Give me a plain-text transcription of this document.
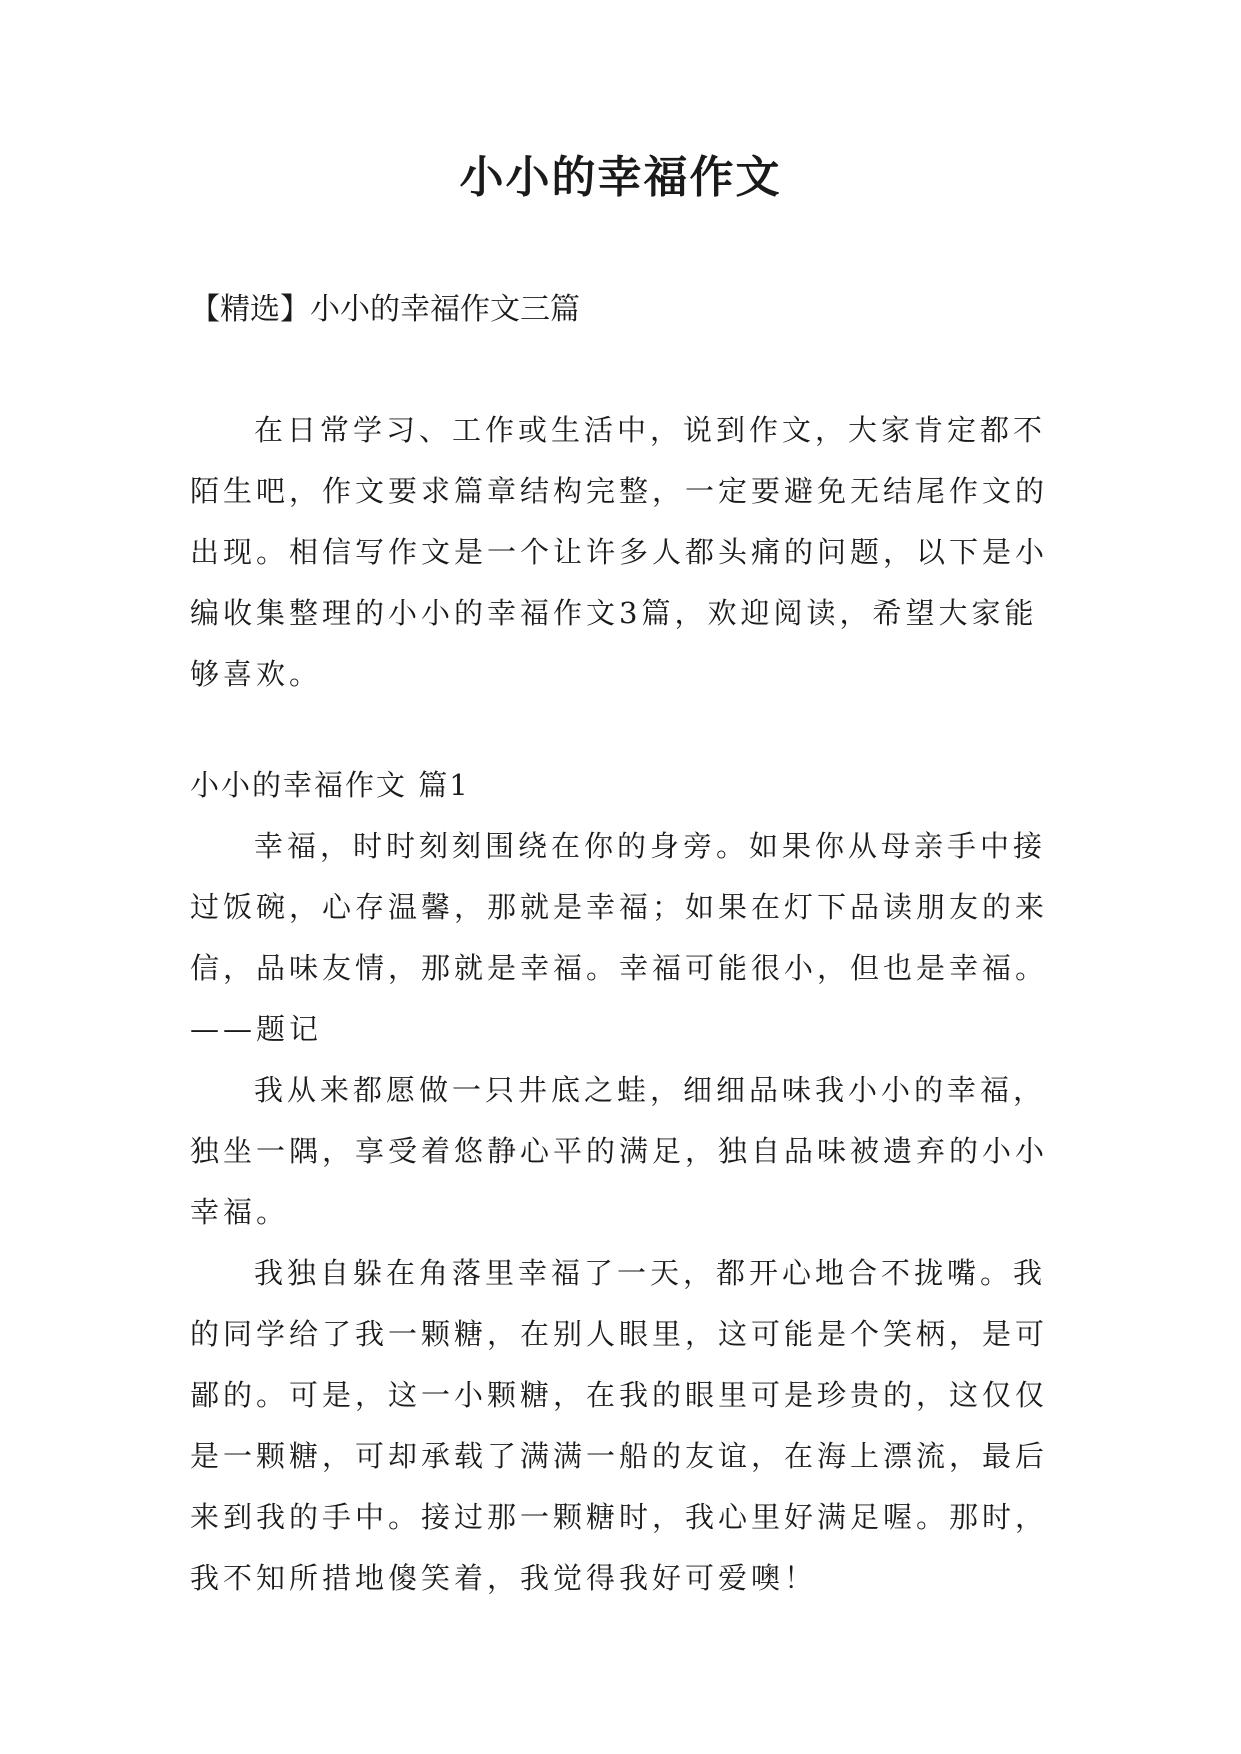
小小的幸福作文

【精选】小小的幸福作文三篇

在日常学习、工作或生活中，说到作文，大家肯定都不陌生吧，作文要求篇章结构完整，一定要避免无结尾作文的出现。相信写作文是一个让许多人都头痛的问题，以下是小编收集整理的小小的幸福作文3篇，欢迎阅读，希望大家能够喜欢。

小小的幸福作文 篇1

幸福，时时刻刻围绕在你的身旁。如果你从母亲手中接过饭碗，心存温馨，那就是幸福；如果在灯下品读朋友的来信，品味友情，那就是幸福。幸福可能很小，但也是幸福。

——题记

我从来都愿做一只井底之蛙，细细品味我小小的幸福，独坐一隅，享受着悠静心平的满足，独自品味被遗弃的小小幸福。

我独自躲在角落里幸福了一天，都开心地合不拢嘴。我的同学给了我一颗糖，在别人眼里，这可能是个笑柄，是可鄙的。可是，这一小颗糖，在我的眼里可是珍贵的，这仅仅是一颗糖，可却承载了满满一船的友谊，在海上漂流，最后来到我的手中。接过那一颗糖时，我心里好满足喔。那时，我不知所措地傻笑着，我觉得我好可爱噢！
